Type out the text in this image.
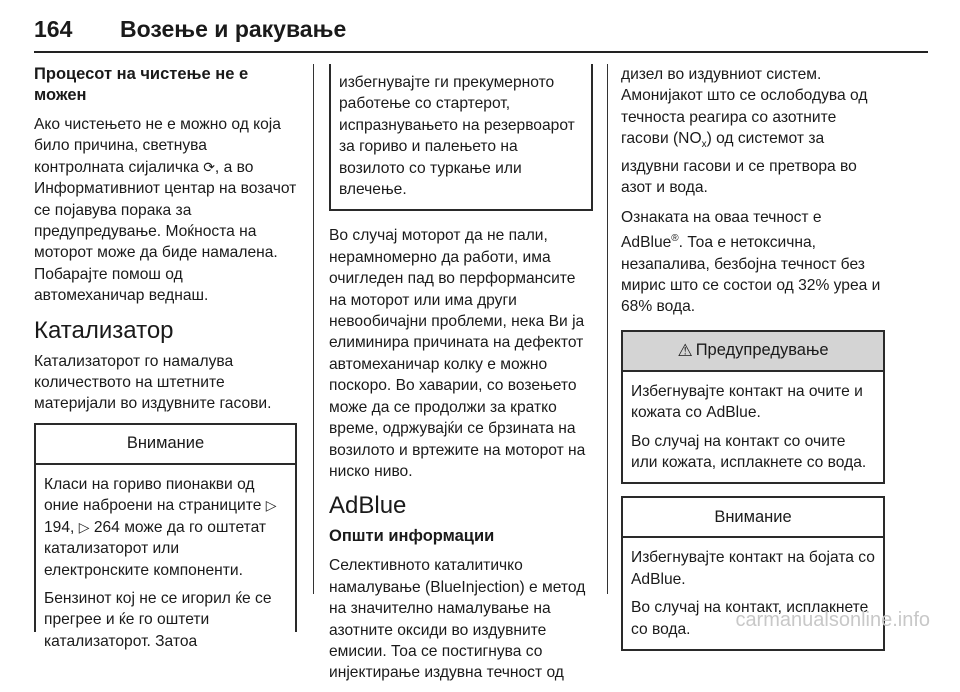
164 Возење и ракување
Процесот на чистење не е можен

Ако чистењето не е можно од која било причина, светнува контролната сијаличка ⟳, а во Информативниот центар на возачот се појавува порака за предупредување. Моќноста на моторот може да биде намалена. Побарајте помош од автомеханичар веднаш.

Катализатор

Катализаторот го намалува количеството на штетните материјали во издувните гасови.

Внимание

Класи на гориво пионакви од оние наброени на страниците ▷ 194, ▷ 264 може да го оштетат катализаторот или електронските компоненти.

Бензинот кој не се игорил ќе се прегрее и ќе го оштети катализаторот. Затоа

избегнувајте ги прекумерното работење со стартерот, испразнувањето на резервоарот за гориво и палењето на возилото со туркање или влечење.

Во случај моторот да не пали, нерамномерно да работи, има очигледен пад во перформансите на моторот или има други невообичајни проблеми, нека Ви ја елиминира причината на дефектот автомеханичар колку е можно поскоро. Во хаварии, со возењето може да се продолжи за кратко време, одржувајќи се брзината на возилото и вртежите на моторот на ниско ниво.

AdBlue
Општи информации

Селективното каталитичко намалување (BlueInjection) е метод на значително намалување на азотните оксиди во издувните емисии. Тоа се постигнува со инјектирање издувна течност од

дизел во издувниот систем. Амонијакот што се ослободува од течноста реагира со азотните гасови $(NO_x)$ од системот за издувни гасови и се претвора во азот и вода.

Ознаката на оваа течност е AdBlue®. Тоа е нетоксична, незапалива, безбојна течност без мирис што се состои од 32% уреа и 68% вода.

⚠ Предупредување

Избегнувајте контакт на очите и кожата со AdBlue.

Во случај на контакт со очите или кожата, исплакнете со вода.

Внимание

Избегнувајте контакт на бојата со AdBlue.

Во случај на контакт, исплакнете со вода.	carmanualsonline.info
